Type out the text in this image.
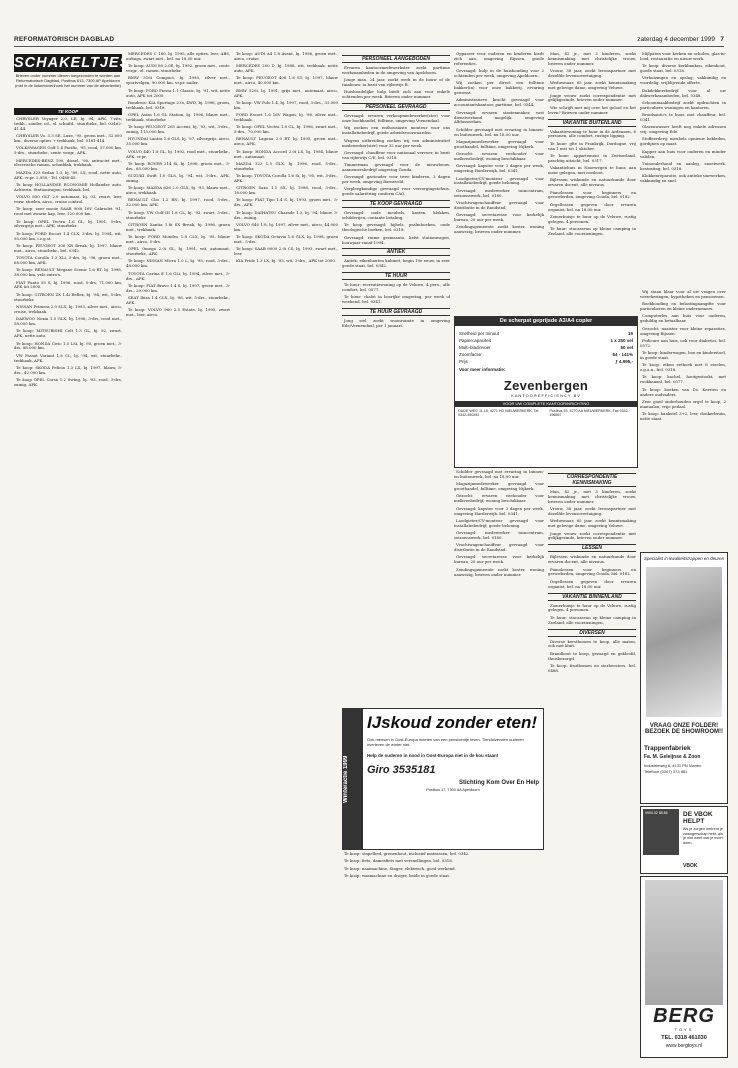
REFORMATORISCH DAGBLAD	zaterdag 4 december 1999 7
SCHAKELTJES
Brieven onder nummer dienen toegezonden te worden aan Reformatorisch Dagblad, Postbus 613, 7300 AP Apeldoorn (met in de linkerbovenhoek het nummer van de advertentie)
TE KOOP

CHRYSLER Voyager 2.0, LE, bj. 94, APK, 7-zits, trekh., zonder, cd., el. schuifd., stuurbekr., bel. 03462-41.44.

CHRYSLER Vo. 3.3 SE, Luxe, '95, groen met., 52.000 km., diverse opties + trekhaak, bel. 0181-414.

VOLKSWAGEN Golf 1.4 Pacific, '95, rood, 57.000 km, 5-drs., stuurbekr., centr. vergr., APK.

MERCEDES-BENZ 190, diesel, '90, antraciet met., electrische ramen, schuifdak, trekhaak.

MAZDA 323 Sedan 1.3, bj. '89, LX, rood, nette auto, APK, vr.pr. 2.950,- Tel. 0488-45.

Te koop HOLLANDSE ECONOMIE Hollandse auto. Achterin. Stationwagon, trekhaak, bel.

VOLVO 850 GLT 2.0 automaat, bj. 93, zwart, leer, verw. stoelen, airco, cruise control.

Te koop: zeer mooie SAAB 900i 16V Cabriolet '91, rood met zwarte kap, leer, 120.000 km.

Te koop: OPEL Vectra 1.6 GL, bj. 1991, 5-drs, zilvergrijs met., APK, stuurbekr.

Te koop: FORD Escort 1.4 CLX, 3-drs, bj. 1994, wit, 95.000 km, i.z.g.st.

Te koop: PEUGEOT 306 XR Break, bj. 1997, blauw met., airco, stuurbekr., bel. 0342.

TOYOTA Corolla 1.3 XLi, 5-drs, bj. '96, groen met., 68.000 km, APK.

Te koop: RENAULT Megane Scenic 1.6 RT, bj. 1998, 38.000 km, vele extra's.

FIAT Punto 55 S, bj. 1996, rood, 5-drs, 71.000 km, APK tot 2000.

Te koop: CITROEN ZX 1.4i Reflex, bj. '94, wit, 5-drs, stuurbekr.

NISSAN Primera 2.0 SLX, bj. 1993, zilver met., airco, cruise, trekhaak.

DAEWOO Nexia 1.5 GLX, bj. 1996, 3-drs, rood met., 58.000 km.

Te koop: MITSUBISHI Colt 1.3 GL, bj. 92, zwart, APK, nette auto.

Te koop: HONDA Civic 1.5 LSi, bj. 95, groen met., 3-drs, 88.000 km.

VW Passat Variant 1.8 CL, bj. '94, wit, stuurbekr., trekhaak, APK.

Te koop: SKODA Felicia 1.3 LX, bj. 1997, blauw, 5-drs., 42.000 km.

Te koop OPEL Corsa 1.2 Swing, bj. '93, rood, 3-drs, zuinig, APK.

MERCEDES C 180, bj. 1995, alle opties, leer, ABS, airbags, zwart met., bel. na 18.00 uur.

Te koop: AUDI 80 2.0E, bj. 1992, groen met., centr. vergr., el. ramen, stuurbekr.

BMW 316i Compact, bj. 1995, zilver met., sportvelgen, 90.000 km, vr.pr. nader.

Te koop: FORD Fiesta 1.1 Classic, bj. '91, wit, nette auto, APK tot 2000.

Rondreis: KIA Sportage 2.0i, 4WD, bj. 1996, groen, trekhaak, bel. 0318.

OPEL Astra 1.6 GL Station, bj. 1996, blauw met., trekhaak, stuurbekr.

Te koop PEUGEOT 205 Accent, bj. '93, wit, 3-drs., zuinig, 115.000 km.

HYUNDAI Lantra 1.6 GLS, bj. '97, zilvergrijs, airco, 35.000 km.

VOLVO 440 1.8 GL, bj. 1992, rood met., stuurbekr., APK, vr.pr.

Te koop: ROVER 214 Si, bj. 1996, groen met., 5-drs., 65.000 km.

SUZUKI Swift 1.0 GLS, bj. '94, wit, 3-drs., APK, zuinig.

Te koop: MAZDA 626 2.0 GLX, bj. '93, blauw met., airco, trekhaak.

RENAULT Clio 1.2 RN, bj. 1997, rood, 5-drs., 32.000 km, APK.

Te koop: VW Golf III 1.8 CL, bj. '93, zwart, 5-drs., stuurbekr.

CITROEN Xantia 1.8i SX Break, bj. 1996, groen met., trekhaak.

Te koop: FORD Mondeo 1.8 CLX, bj. '95, blauw met., airco, 5-drs.

OPEL Omega 2.0i GL, bj. 1991, wit, automaat, stuurbekr., APK.

Te koop: NISSAN Micra 1.0 L, bj. '95, rood, 3-drs., 48.000 km.

TOYOTA Carina E 1.6 GLi, bj. 1994, zilver met., 5-drs., APK.

Te koop: FIAT Bravo 1.4 S, bj. 1997, groen met., 3-drs., 29.000 km.

SEAT Ibiza 1.4 CLX, bj. '96, wit, 5-drs., stuurbekr., APK.

Te koop: VOLVO 960 2.5 Estate, bj. 1995, zwart met., leer, airco.

Te koop: AUDI A4 1.8 Avant, bj. 1996, groen met., airco, cruise.

MERCEDES 200 D, bj. 1988, wit, trekhaak, nette auto, APK.

Te koop: PEUGEOT 406 1.8 ST, bj. 1997, blauw met., airco, 40.000 km.

BMW 520i, bj. 1991, grijs met., automaat, airco, APK.

Te koop: VW Polo 1.4, bj. 1997, rood, 3-drs., 31.000 km.

FORD Escort 1.6 16V Wagon, bj. '96, zilver met., trekhaak.

Te koop: OPEL Vectra 1.8 GL, bj. 1996, zwart met., 5-drs., 70.000 km.

RENAULT Laguna 2.0 RT, bj. 1995, groen met., airco, APK.

Te koop: HONDA Accord 2.0i LS, bj. 1994, blauw met., automaat.

MAZDA 323 1.5 GLX, bj. 1996, rood, 5-drs., stuurbekr.

Te koop: TOYOTA Corolla 1.6 Si, bj. '95, wit, 3-drs., APK.

CITROEN Saxo 1.1 SX, bj. 1998, rood, 3-drs., 18.000 km.

Te koop: FIAT Tipo 1.4 S, bj. 1993, groen met., 5-drs., APK.

Te koop: DAIHATSU Charade 1.3, bj. '94, blauw, 3-drs., zuinig.

VOLVO S40 1.8, bj. 1997, zilver met., airco, 44.000 km.

Te koop: SKODA Octavia 1.6 GLX, bj. 1998, groen met., 5-drs.

Te koop: SAAB 9000 2.0i CS, bj. 1993, zwart met., leer.

KIA Pride 1.3 LX, bj. '95, wit, 3-drs., APK tot 2000.

PERSONEEL AANGEBODEN

Ervaren kantoormedewerkster zoekt parttime werkzaamheden in de omgeving van Apeldoorn.

Jonge man, 24 jaar, zoekt werk in de bouw of de tuinbouw, in bezit van rijbewijs B.

Huishoudelijke hulp biedt zich aan voor enkele ochtenden per week. Brieven onder nummer.

PERSONEEL GEVRAAGD

Gevraagd: ervaren verkoopmedewerker(ster) voor onze boekhandel, fulltime, omgeving Veenendaal.

Wij zoeken een enthousiaste monteur voor ons installatiebedrijf, goede arbeidsvoorwaarden.

Wegens uitbreiding zoeken wij een administratief medewerker(ster) voor 32 uur per week.

Gevraagd: chauffeur voor nationaal vervoer, in bezit van rijbewijs C/E, bel. 0318.

Timmerman gevraagd voor de nieuwbouw, aannemersbedrijf omgeving Gouda.

Gevraagd: gastouder voor twee kinderen, 3 dagen per week, omgeving Barneveld.

Verpleegkundige gevraagd voor verzorgingstehuis, goede salariëring conform CAO.

TE KOOP GEVRAAGD

Gevraagd: oude meubels, kasten, klokken, schilderijen, contante betaling.

Te koop gevraagd: bijbels, psalmboeken, oude theologische boeken, bel. 0318.

Gevraagd: ruime gezinsauto, liefst stationwagen, bouwjaar vanaf 1994.

ANTIEK

Antiek: eikenhouten kabinet, begin 19e eeuw, in zeer goede staat, bel. 0342.

TE HUUR

Te huur: recreatiewoning op de Veluwe, 4 pers., alle comfort, bel. 0577.

Te huur: chalet in bosrijke omgeving, per week of weekend, bel. 0341.

TE HUUR GEVRAAGD

Jong stel zoekt woonruimte in omgeving Ede/Veenendaal, per 1 januari.

Oppasser voor ouderen en kinderen biedt zich aan, omgeving Rijssen, goede referenties.

Gevraagd: hulp in de huishouding voor 2 ochtenden per week, omgeving Apeldoorn.

Wij zoeken per direct een fulltime bakker(in) voor onze bakkerij, ervaring gewenst.

Administratieve kracht gevraagd voor accountantskantoor, parttime, bel. 0344.

Gevraagd: ervaren stratenmaker, vast dienstverband mogelijk, omgeving Alblasserdam.

Schilder gevraagd met ervaring in binnen- en buitenwerk, bel. na 18.00 uur.

Magazijnmedewerker gevraagd voor groothandel, fulltime, omgeving Nijkerk.

Gezocht: ervaren veehouder voor melkveebedrijf, woning beschikbaar.

Gevraagd: kapster voor 3 dagen per week, omgeving Harderwijk, bel. 0341.

Loodgieter/CV-monteur gevraagd voor installatiebedrijf, goede beloning.

Gevraagd: medewerker tuincentrum, seizoenswerk, bel. 0180.

Vrachtwagenchauffeur gevraagd voor distributie in de Randstad.

Gevraagd: secretaresse voor kerkelijk bureau, 20 uur per week.

Zendingsgemeente zoekt koster, woning aanwezig, brieven onder nummer.

Man, 42 jr., met 3 kinderen, zoekt kennismaking met christelijke vrouw, brieven onder nummer.

Vrouw, 38 jaar, zoekt levenspartner met dezelfde levensovertuiging.

Weduwnaar, 65 jaar, zoekt kennismaking met gelovige dame, omgeving Veluwe.

Jonge vrouw zoekt correspondentie met gelijkgezinde, brieven onder nummer.

Wie schrijft met mij over het geloof en het leven? Brieven onder nummer.

VAKANTIE BUITENLAND

Vakantiewoning te huur in de Ardennen, 6 personen, alle comfort, rustige ligging.

Te huur: gîte in Frankrijk, Dordogne, vrij van 1 mei tot 1 oktober.

Te huur: appartement in Zwitserland, prachtig uitzicht, bel. 0317.

Vakantiehuis in Noorwegen te huur, aan meer gelegen, met roeiboot.

Bijlessen wiskunde en natuurkunde door ervaren docent, alle niveaus.

Pianolessen voor beginners en gevorderden, omgeving Gouda, bel. 0182.

Orgellessen gegeven door ervaren organist, bel. na 18.00 uur.

Zomerhuisje te huur op de Veluwe, rustig gelegen, 4 personen.

Te huur: stacaravan op kleine camping in Zeeland, alle voorzieningen.

Mijlpaten voor kerken en scholen, glas-in-lood, restauratie en nieuw werk.

Te koop: diverse kerkbanken, eikenhout, goede staat, bel. 0318.

Verhuizingen en opslag, vakkundig en voordelig, vrijblijvende offerte.

Dakdekkersbedrijf voor al uw dakwerkzaamheden, bel. 0348.

Schoonmaakbedrijf zoekt opdrachten in particuliere woningen en kantoren.

Bruidsauto's te huur, met chauffeur, bel. 0341.

Glazenwasser heeft nog enkele adressen vrij, omgeving Ede.

Stoffeerderij: meubels opnieuw bekleden, gordijnen op maat.

Kapper aan huis voor ouderen en minder validen.

Tuinonderhoud en aanleg, snoeiwerk, bestrating, bel. 0318.

Klokkenreparatie, ook antieke uurwerken, vakkundig en snel.

De scherpst geprijsde A3/A4 copier
Snelheid per minuut	15
Papiercapaciteit	1 x 250 vel
Multi-bladinvoer	50 vel
Zoomfactor	64 - 141%
Prijs	ƒ 4.995,-
Voor meer informatie:
Zevenbergen
KANTOOREFFICIENCY BV
VOOR UW COMPLETE KANTOORINRICHTING
OUDE WEG 11-15, 4271 HD NIEUWERKERK, Tel. 0342-490393
Postbus 53, 4270 AA NIEUWERKERK, Fax 0342-496557

Schilder gevraagd met ervaring in binnen- en buitenwerk, bel. na 18.00 uur.

Magazijnmedewerker gevraagd voor groothandel, fulltime, omgeving Nijkerk.

Gezocht: ervaren veehouder voor melkveebedrijf, woning beschikbaar.

Gevraagd: kapster voor 3 dagen per week, omgeving Harderwijk, bel. 0341.

Loodgieter/CV-monteur gevraagd voor installatiebedrijf, goede beloning.

Gevraagd: medewerker tuincentrum, seizoenswerk, bel. 0180.

Vrachtwagenchauffeur gevraagd voor distributie in de Randstad.

Gevraagd: secretaresse voor kerkelijk bureau, 20 uur per week.

Zendingsgemeente zoekt koster, woning aanwezig, brieven onder nummer.

CORRESPONDENTIE KENNISMAKING

Man, 42 jr., met 3 kinderen, zoekt kennismaking met christelijke vrouw, brieven onder nummer.

Vrouw, 38 jaar, zoekt levenspartner met dezelfde levensovertuiging.

Weduwnaar, 65 jaar, zoekt kennismaking met gelovige dame, omgeving Veluwe.

Jonge vrouw zoekt correspondentie met gelijkgezinde, brieven onder nummer.

LESSEN

Bijlessen wiskunde en natuurkunde door ervaren docent, alle niveaus.

Pianolessen voor beginners en gevorderden, omgeving Gouda, bel. 0182.

Orgellessen gegeven door ervaren organist, bel. na 18.00 uur.

VAKANTIE BINNENLAND

Zomerhuisje te huur op de Veluwe, rustig gelegen, 4 personen.

Te huur: stacaravan op kleine camping in Zeeland, alle voorzieningen.

DIVERSEN

Diverse kerstbomen te koop, alle maten, ook met kluit.

Brandhout te koop, gezaagd en gekloofd, thuisbezorgd.

Te koop: fruitbomen en sierheesters, bel. 0488.

Winteractie 1999
IJskoud zonder eten!
Ook mensen in Oost-Europa moeten van een pensioentje leven. Tienduizenden ouderen overleven de winter niet.
Help de ouderen in nood in Oost-Europa niet in de kou staan!
Giro 3535181
Stichting Kom Over En Help
Postbus 17, 7300 AA Apeldoorn

Te koop: stapelbed, grenenhout, inclusief matrassen, bel. 0342.

Te koop: fiets, damesfiets met versnellingen, bel. 0318.

Te koop: naaimachine, Singer, elektrisch, goed werkend.

Te koop: wasmachine en droger, beide in goede staat.

Specialist in kwaliteitstrappen en deuren
VRAAG ONZE FOLDER! BEZOEK DE SHOWROOM!!
Trappenfabriek
Fa. M. Geleijnse & Zoon
Industrieweg 6, 4131 PN Vianen
Telefoon (0347) 373 881
0900-02 88 86	DE VBOK HELPT
Als je zorgen omtrent je zwangerschap hebt, als je niet weet wat je moet doen.
VBOK
BERG
TOYS
TEL. 0318 461030
www.bergtoys.nl

Wij staan klaar voor al uw vragen over verzekeringen, hypotheken en pensioenen.

Boekhouding en belastingaangifte voor particulieren en kleine ondernemers.

Computerles aan huis voor ouderen, geduldig en betaalbaar.

Gezocht: naaister voor kleine reparaties, omgeving Rijssen.

Pedicure aan huis, ook voor diabetici, bel. 0572.

Te koop: kinderwagen, box en kinderstoel, in goede staat.

Te koop: eiken eethoek met 6 stoelen, z.g.a.n., bel. 0318.

Te koop: kachel, houtgestookt, met rookkanaal, bel. 0577.

Te koop: boeken van Ds. Kersten en andere oudvaders.

Zeer goed onderhouden orgel te koop, 2 manualen, vrije pedaal.

Te koop: bankstel 3+2, leer, donkerbruin, nette staat.
